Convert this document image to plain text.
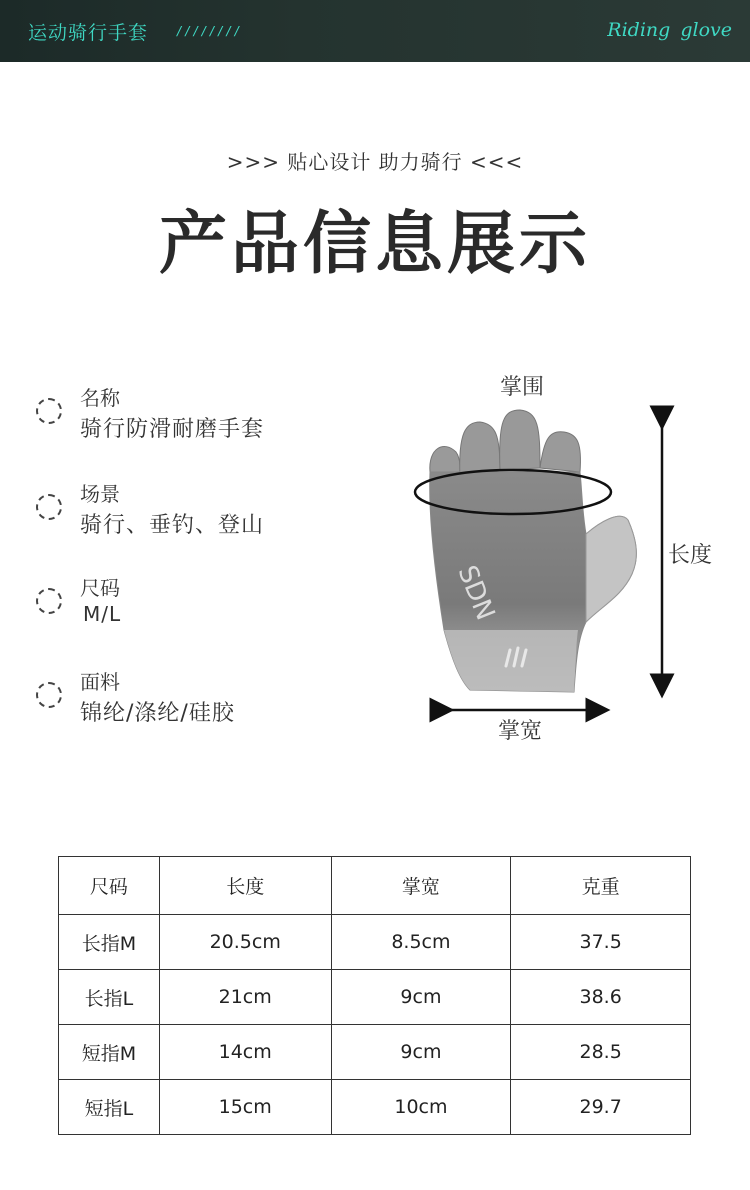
运动骑行手套 ////////	Riding glove
>>> 贴心设计 助力骑行 <<<
产品信息展示
名称
骑行防滑耐磨手套
场景
骑行、垂钓、登山
尺码
M/L
面料
锦纶/涤纶/硅胶
SDN
掌围
长度
掌宽
尺码	长度	掌宽	克重
长指M	20.5cm	8.5cm	37.5
长指L	21cm	9cm	38.6
短指M	14cm	9cm	28.5
短指L	15cm	10cm	29.7
